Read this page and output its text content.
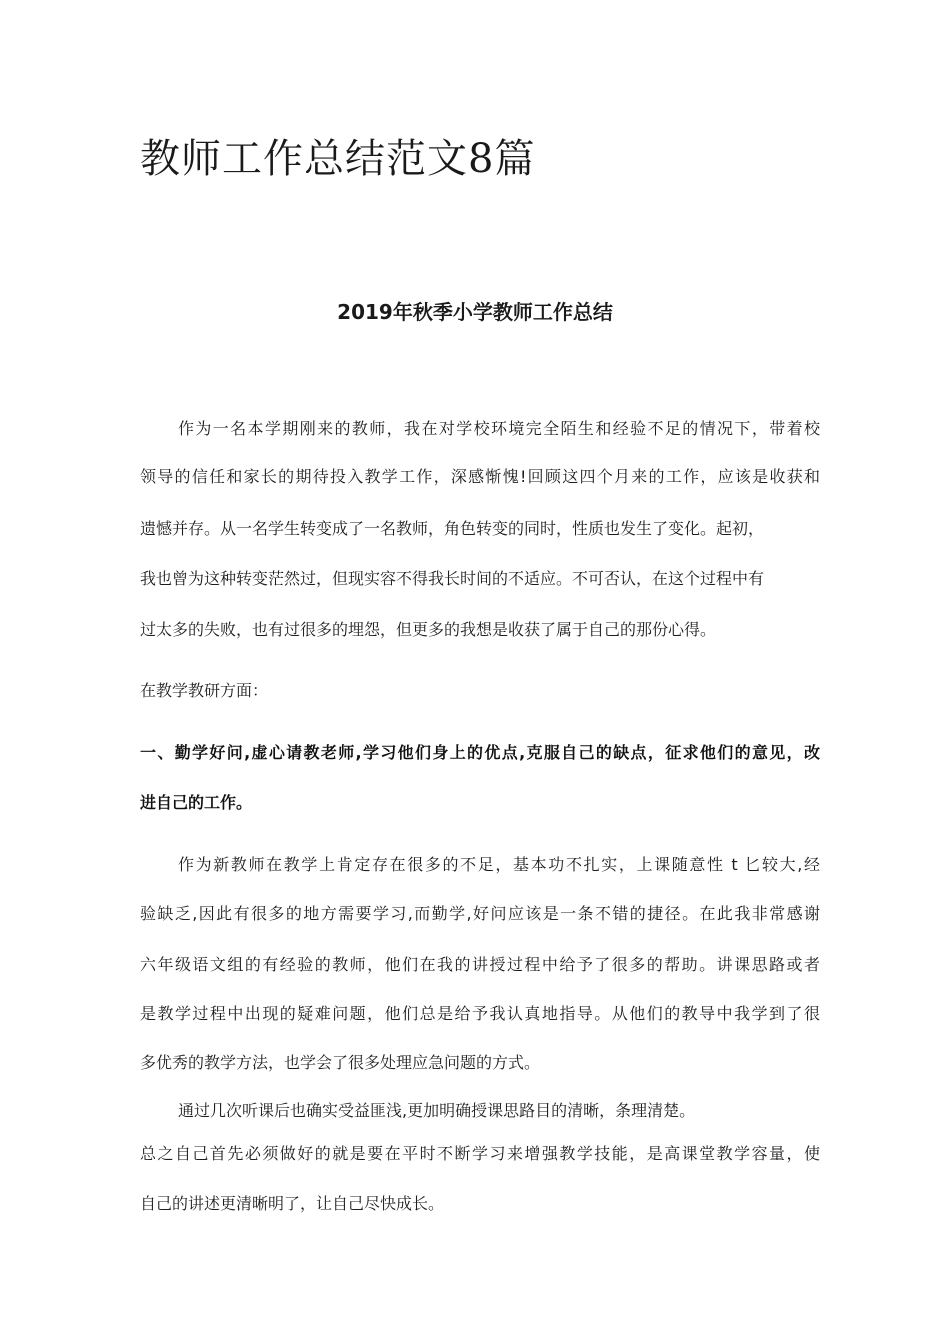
教师工作总结范文8篇
2019年秋季小学教师工作总结

作为一名本学期刚来的教师，我在对学校环境完全陌生和经验不足的情况下，带着校

领导的信任和家长的期待投入教学工作，深感惭愧!回顾这四个月来的工作，应该是收获和

遗憾并存。从一名学生转变成了一名教师，角色转变的同时，性质也发生了变化。起初，

我也曾为这种转变茫然过，但现实容不得我长时间的不适应。不可否认，在这个过程中有

过太多的失败，也有过很多的埋怨，但更多的我想是收获了属于自己的那份心得。

在教学教研方面：

一、勤学好问,虚心请教老师,学习他们身上的优点,克服自己的缺点，征求他们的意见，改

进自己的工作。

作为新教师在教学上肯定存在很多的不足，基本功不扎实，上课随意性 t 匕较大,经

验缺乏,因此有很多的地方需要学习,而勤学,好问应该是一条不错的捷径。在此我非常感谢

六年级语文组的有经验的教师，他们在我的讲授过程中给予了很多的帮助。讲课思路或者

是教学过程中出现的疑难问题，他们总是给予我认真地指导。从他们的教导中我学到了很

多优秀的教学方法，也学会了很多处理应急问题的方式。

通过几次听课后也确实受益匪浅,更加明确授课思路目的清晰，条理清楚。

总之自己首先必须做好的就是要在平时不断学习来增强教学技能，是高课堂教学容量，使

自己的讲述更清晰明了，让自己尽快成长。
